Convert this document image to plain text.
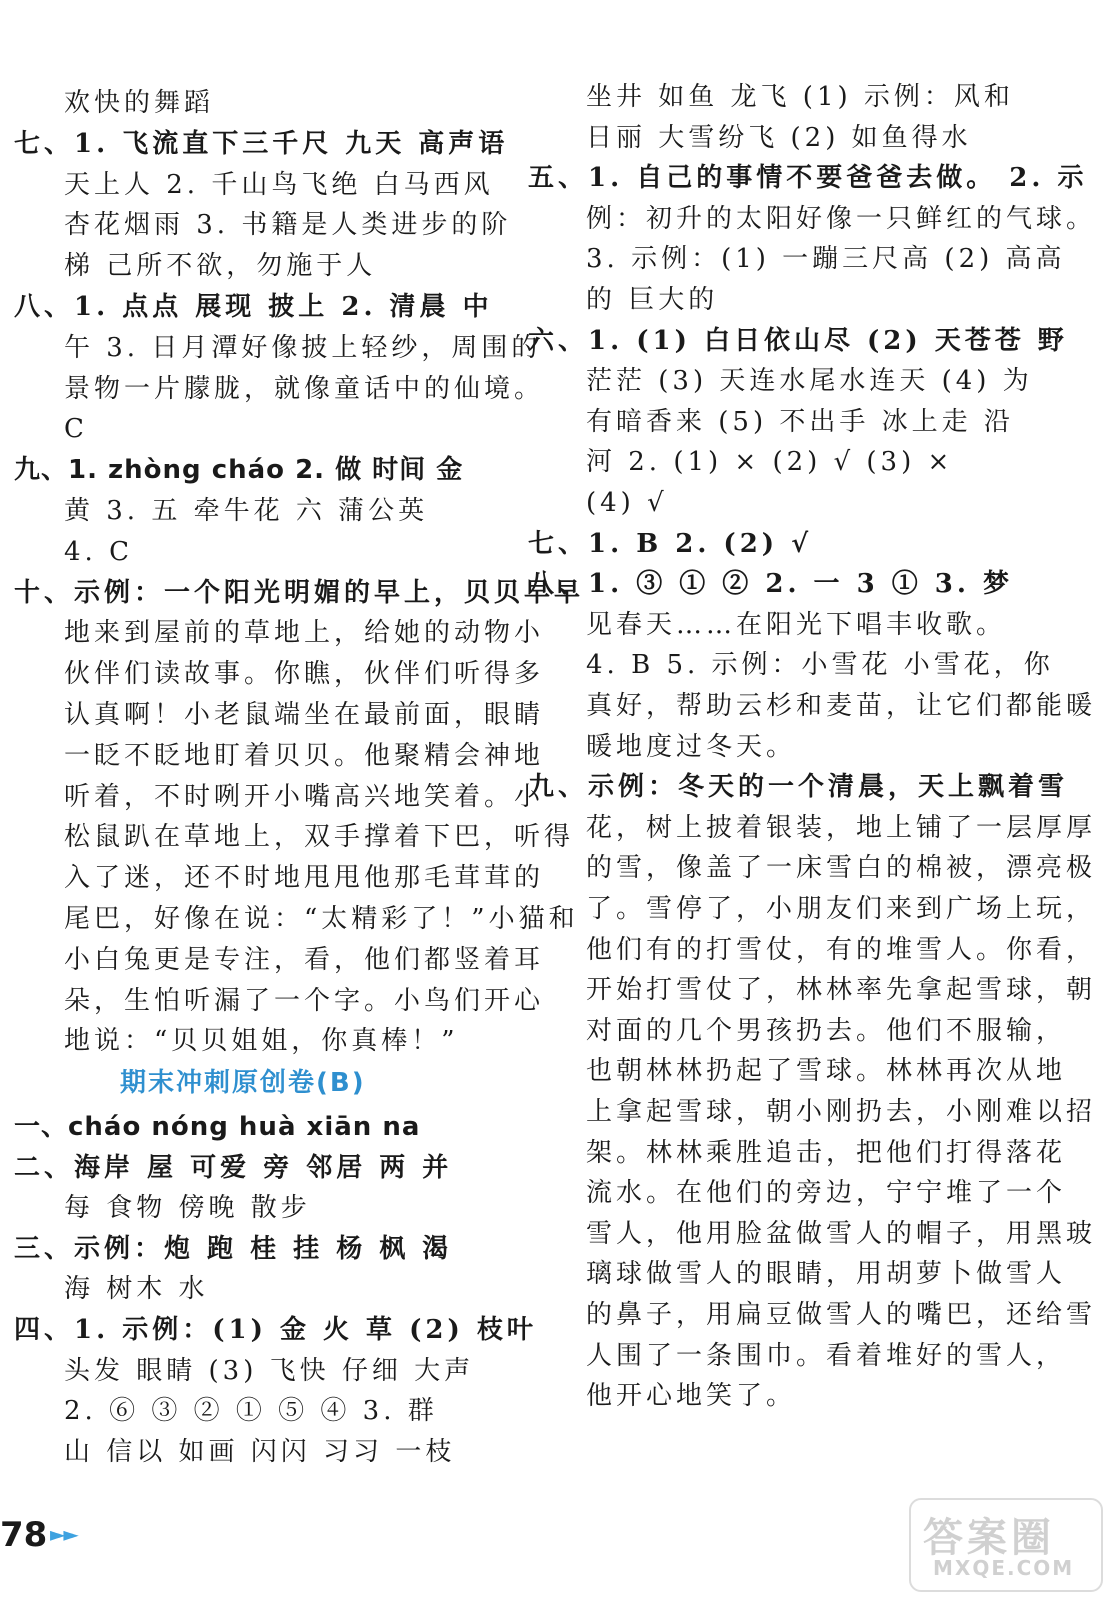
欢快的舞蹈
七、1. 飞流直下三千尺 九天 高声语
天上人 2. 千山鸟飞绝 白马西风
杏花烟雨 3. 书籍是人类进步的阶
梯 己所不欲，勿施于人
八、1. 点点 展现 披上 2. 清晨 中
午 3. 日月潭好像披上轻纱，周围的
景物一片朦胧，就像童话中的仙境。
C
九、1. zhòng cháo 2. 做 时间 金
黄 3. 五 牵牛花 六 蒲公英
4. C
十、示例：一个阳光明媚的早上，贝贝早早
地来到屋前的草地上，给她的动物小
伙伴们读故事。你瞧，伙伴们听得多
认真啊！小老鼠端坐在最前面，眼睛
一眨不眨地盯着贝贝。他聚精会神地
听着，不时咧开小嘴高兴地笑着。小
松鼠趴在草地上，双手撑着下巴，听得
入了迷，还不时地甩甩他那毛茸茸的
尾巴，好像在说：“太精彩了！”小猫和
小白兔更是专注，看，他们都竖着耳
朵，生怕听漏了一个字。小鸟们开心
地说：“贝贝姐姐，你真棒！”
期末冲刺原创卷(B)
一、cháo nóng huà xiān na
二、海岸 屋 可爱 旁 邻居 两 并
每 食物 傍晚 散步
三、示例：炮 跑 桂 挂 杨 枫 渴
海 树木 水
四、1. 示例：(1) 金 火 草 (2) 枝叶
头发 眼睛 (3) 飞快 仔细 大声
2. ⑥ ③ ② ① ⑤ ④ 3. 群
山 信以 如画 闪闪 习习 一枝
坐井 如鱼 龙飞 (1) 示例：风和
日丽 大雪纷飞 (2) 如鱼得水
五、1. 自己的事情不要爸爸去做。 2. 示
例：初升的太阳好像一只鲜红的气球。
3. 示例：(1) 一蹦三尺高 (2) 高高
的 巨大的
六、1. (1) 白日依山尽 (2) 天苍苍 野
茫茫 (3) 天连水尾水连天 (4) 为
有暗香来 (5) 不出手 冰上走 沿
河 2. (1) × (2) √ (3) ×
(4) √
七、1. B 2. (2) √
八、1. ③ ① ② 2. 一 3 ① 3. 梦
见春天……在阳光下唱丰收歌。
4. B 5. 示例：小雪花 小雪花，你
真好，帮助云杉和麦苗，让它们都能暖
暖地度过冬天。
九、示例：冬天的一个清晨，天上飘着雪
花，树上披着银装，地上铺了一层厚厚
的雪，像盖了一床雪白的棉被，漂亮极
了。雪停了，小朋友们来到广场上玩，
他们有的打雪仗，有的堆雪人。你看，
开始打雪仗了，林林率先拿起雪球，朝
对面的几个男孩扔去。他们不服输，
也朝林林扔起了雪球。林林再次从地
上拿起雪球，朝小刚扔去，小刚难以招
架。林林乘胜追击，把他们打得落花
流水。在他们的旁边，宁宁堆了一个
雪人，他用脸盆做雪人的帽子，用黑玻
璃球做雪人的眼睛，用胡萝卜做雪人
的鼻子，用扁豆做雪人的嘴巴，还给雪
人围了一条围巾。看着堆好的雪人，
他开心地笑了。
78 ►►	答案圈
MXQE.COM
